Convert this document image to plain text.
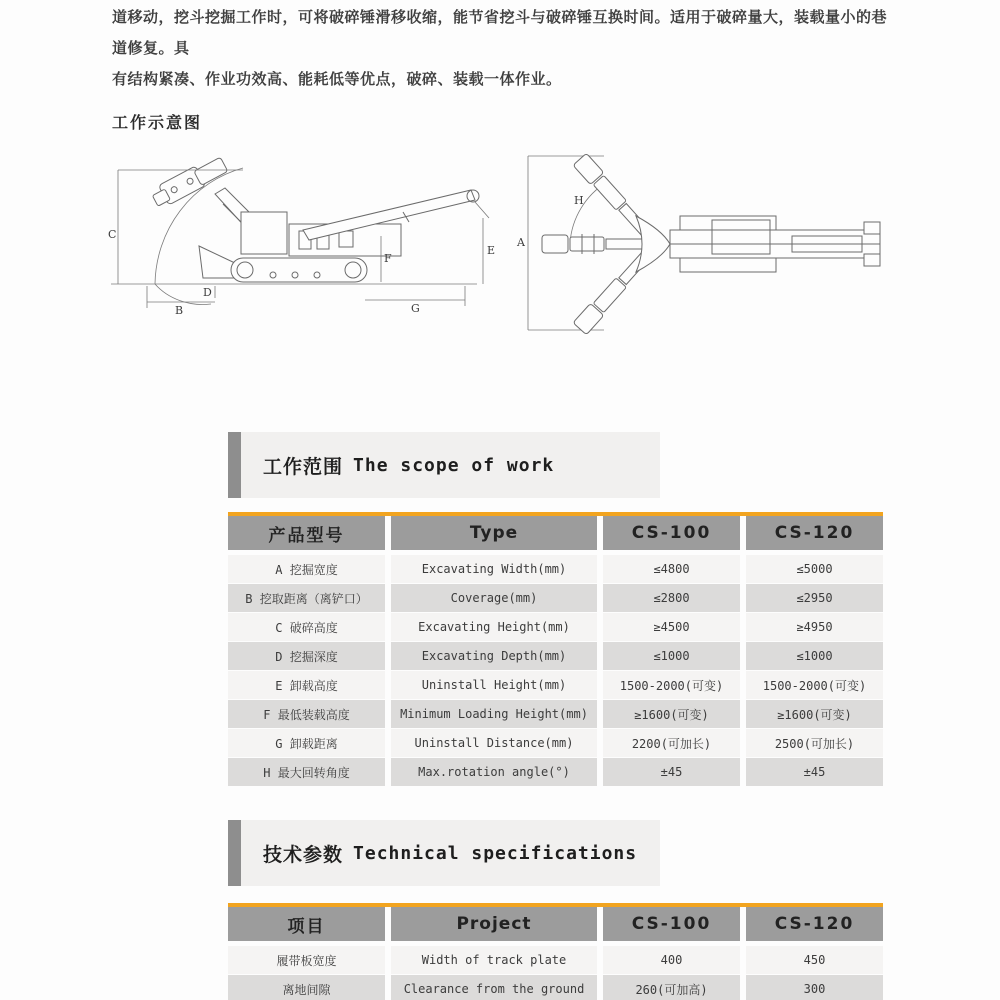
道移动，挖斗挖掘工作时，可将破碎锤滑移收缩，能节省挖斗与破碎锤互换时间。适用于破碎量大，装载量小的巷道修复。具
有结构紧凑、作业功效高、能耗低等优点，破碎、装载一体作业。
工作示意图
C
B
D
F
G
E
A
H
工作范围 The scope of work
产品型号	Type	CS-100	CS-120
A 挖掘宽度	Excavating Width(mm)	≤4800	≤5000
B 挖取距离（离铲口）	Coverage(mm)	≤2800	≤2950
C 破碎高度	Excavating Height(mm)	≥4500	≥4950
D 挖掘深度	Excavating Depth(mm)	≤1000	≤1000
E 卸载高度	Uninstall Height(mm)	1500-2000(可变)	1500-2000(可变)
F 最低装载高度	Minimum Loading Height(mm)	≥1600(可变)	≥1600(可变)
G 卸载距离	Uninstall Distance(mm)	2200(可加长)	2500(可加长)
H 最大回转角度	Max.rotation angle(°)	±45	±45
技术参数 Technical specifications
项目	Project	CS-100	CS-120
履带板宽度	Width of track plate	400	450
离地间隙	Clearance from the ground	260(可加高)	300
